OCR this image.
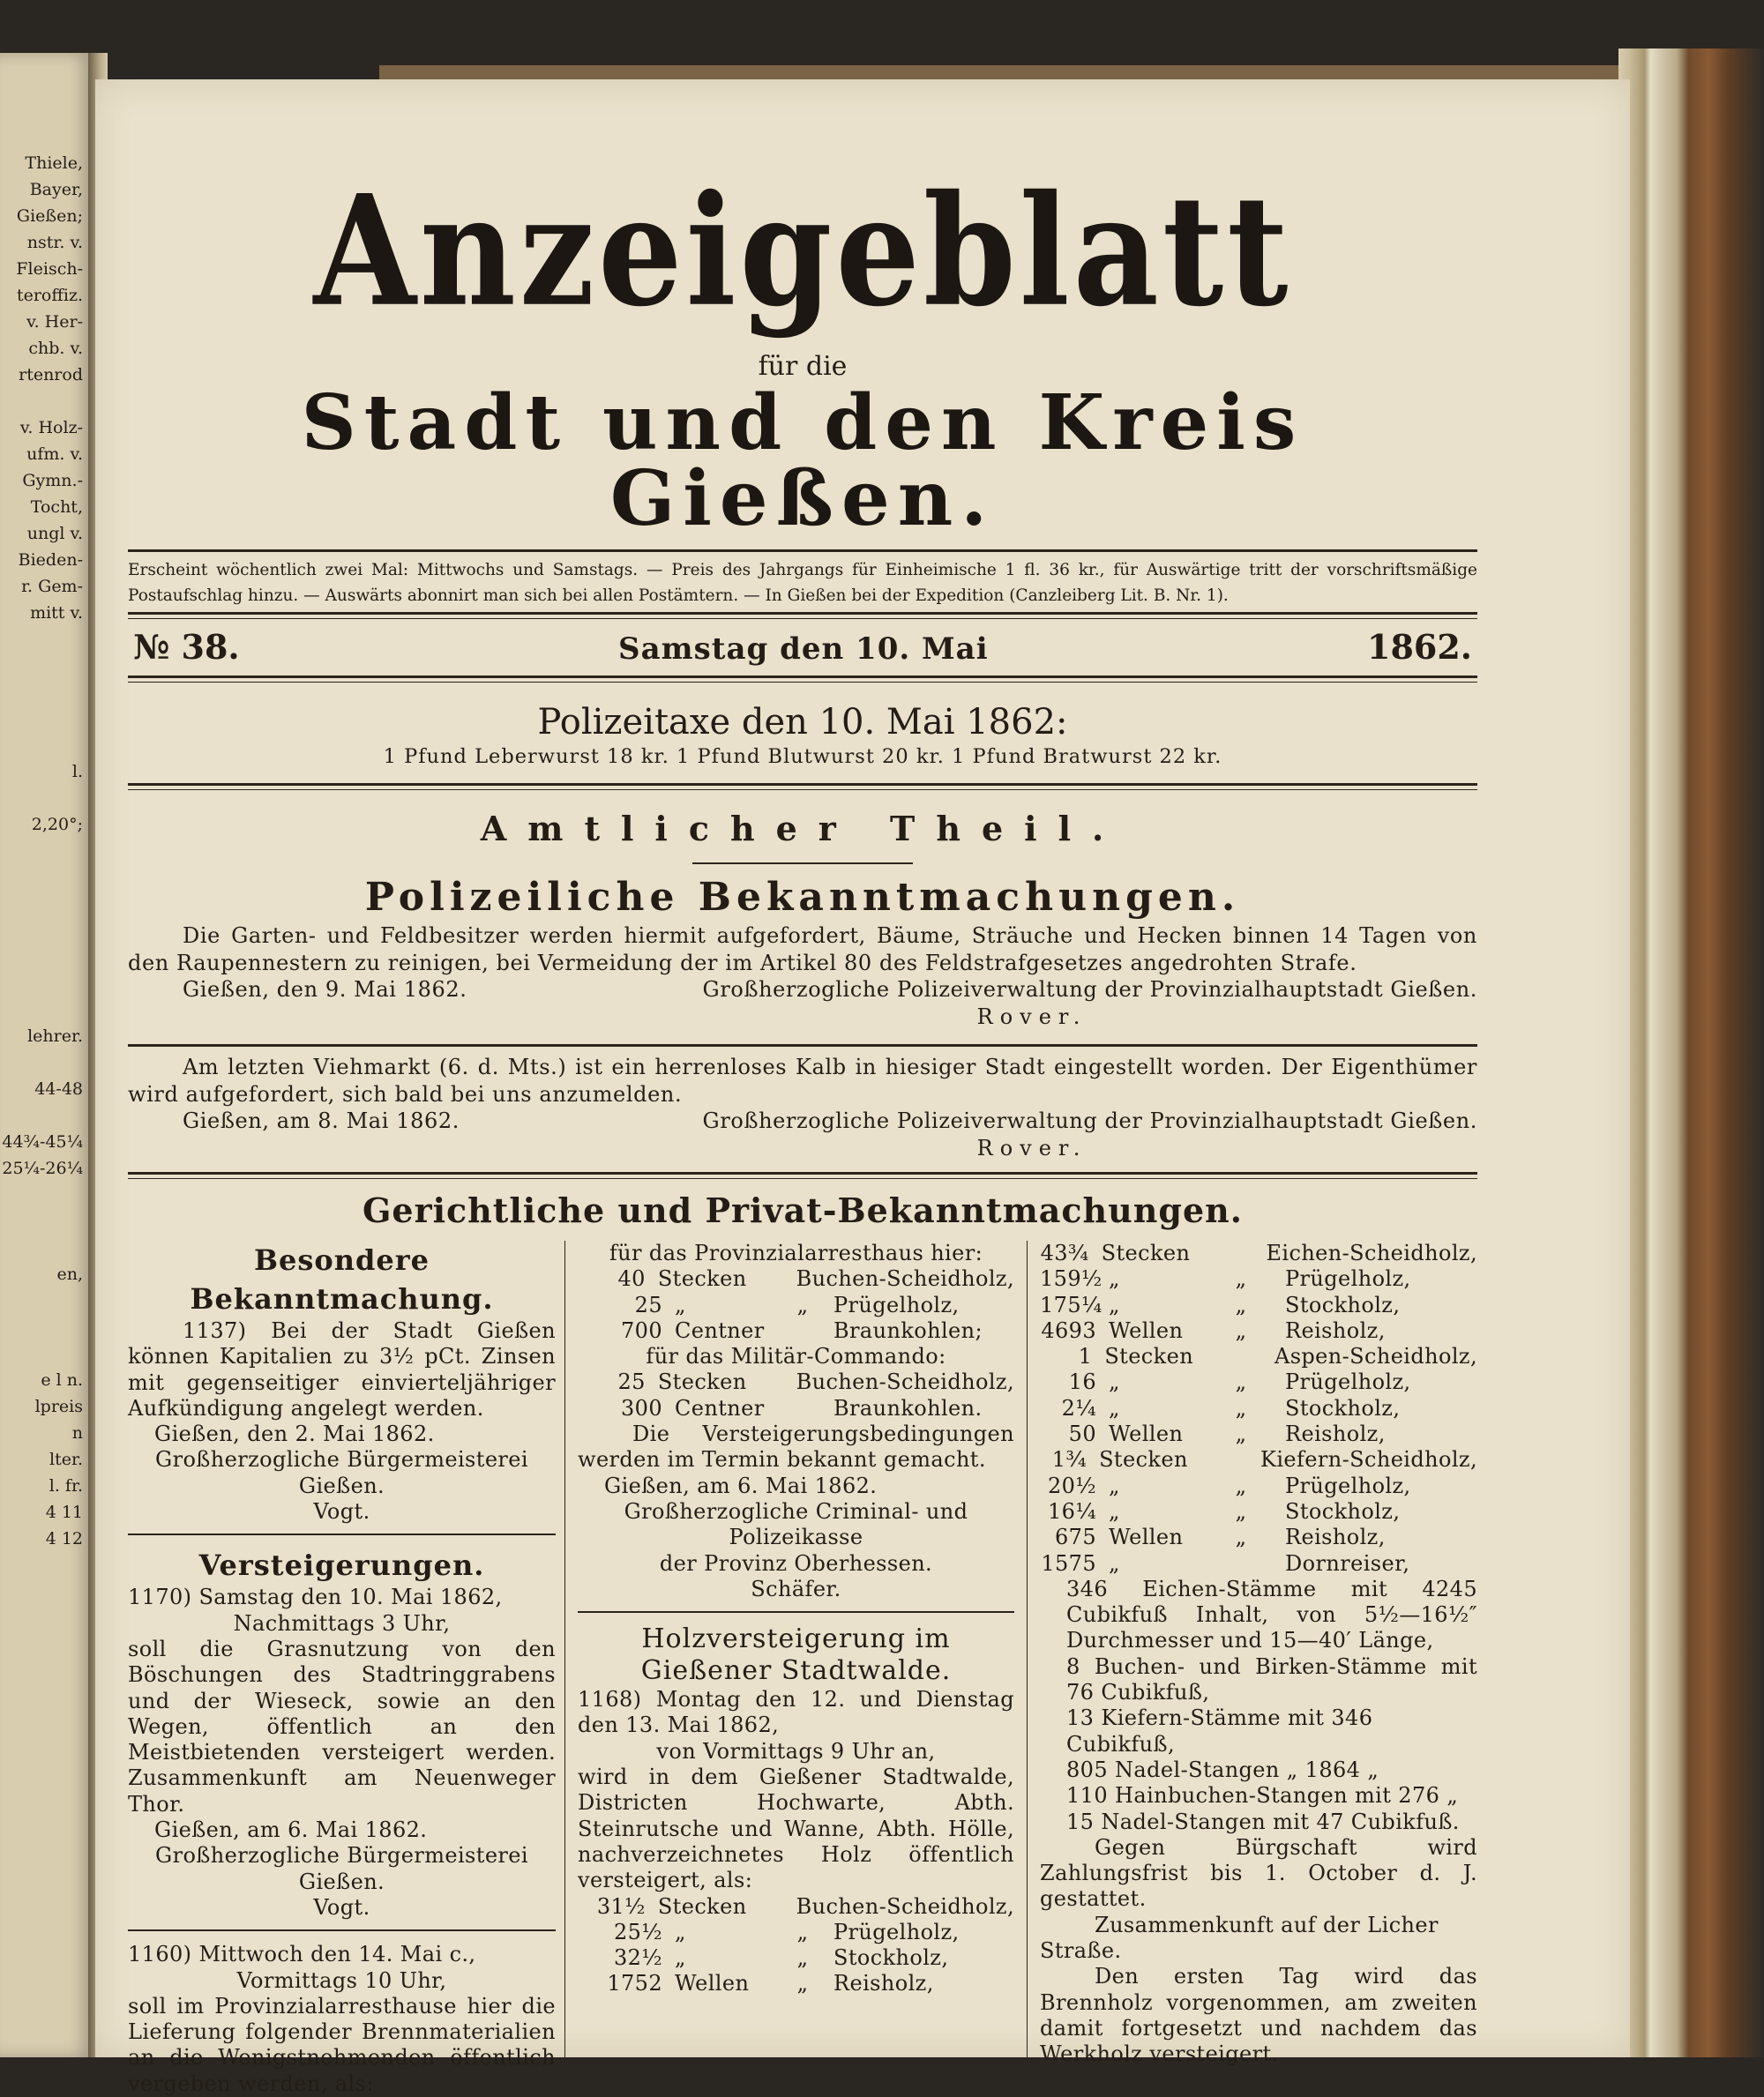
Thiele,
Bayer,
Gießen;
nstr. v.
Fleisch-
teroffiz.
v. Her-
chb. v.
rtenrod
v. Holz-
ufm. v.
Gymn.-
Tocht,
ungl v.
Bieden-
r. Gem-
mitt v.
l.
2,20°;
lehrer.
44-48
44¾-45¼
25¼-26¼
en,
e l n.
lpreis
n
lter.
l. fr.
4 11
4 12
Anzeigeblatt
für die
Stadt und den Kreis Gießen.
Erscheint wöchentlich zwei Mal: Mittwochs und Samstags. — Preis des Jahrgangs für Einheimische 1 fl. 36 kr., für Auswärtige tritt der vorschriftsmäßige Postaufschlag hinzu. — Auswärts abonnirt man sich bei allen Postämtern. — In Gießen bei der Expedition (Canzleiberg Lit. B. Nr. 1).
№ 38.	Samstag den 10. Mai	1862.
Polizeitaxe den 10. Mai 1862:
1 Pfund Leberwurst 18 kr. 1 Pfund Blutwurst 20 kr. 1 Pfund Bratwurst 22 kr.
Amtlicher Theil.
Polizeiliche Bekanntmachungen.
Die Garten- und Feldbesitzer werden hiermit aufgefordert, Bäume, Sträuche und Hecken binnen 14 Tagen von den Raupennestern zu reinigen, bei Vermeidung der im Artikel 80 des Feldstrafgesetzes angedrohten Strafe.
Gießen, den 9. Mai 1862.	Großherzogliche Polizeiverwaltung der Provinzialhauptstadt Gießen.
Rover.
Am letzten Viehmarkt (6. d. Mts.) ist ein herrenloses Kalb in hiesiger Stadt eingestellt worden. Der Eigenthümer wird aufgefordert, sich bald bei uns anzumelden.
Gießen, am 8. Mai 1862.	Großherzogliche Polizeiverwaltung der Provinzialhauptstadt Gießen.
Rover.
Gerichtliche und Privat-Bekanntmachungen.
Besondere Bekanntmachung.
1137) Bei der Stadt Gießen können Kapitalien zu 3½ pCt. Zinsen mit gegenseitiger einvierteljähriger Aufkündigung angelegt werden.
Gießen, den 2. Mai 1862.
Großherzogliche Bürgermeisterei Gießen.
Vogt.
Versteigerungen.
1170) Samstag den 10. Mai 1862,
Nachmittags 3 Uhr,
soll die Grasnutzung von den Böschungen des Stadtringgrabens und der Wieseck, sowie an den Wegen, öffentlich an den Meistbietenden versteigert werden. Zusammenkunft am Neuenweger Thor.
Gießen, am 6. Mai 1862.
Großherzogliche Bürgermeisterei Gießen.
Vogt.
1160) Mittwoch den 14. Mai c.,
Vormittags 10 Uhr,
soll im Provinzialarresthause hier die Lieferung folgender Brennmaterialien an die Wenigstnehmenden öffentlich vergeben werden, als:
für das Provinzialarresthaus hier:
40 Stecken Buchen-Scheidholz,
25 „	„	Prügelholz,
700 Centner	Braunkohlen;
für das Militär-Commando:
25 Stecken Buchen-Scheidholz,
300 Centner	Braunkohlen.
Die Versteigerungsbedingungen werden im Termin bekannt gemacht.
Gießen, am 6. Mai 1862.
Großherzogliche Criminal- und Polizeikasse
der Provinz Oberhessen.
Schäfer.
Holzversteigerung im Gießener Stadtwalde.
1168) Montag den 12. und Dienstag den 13. Mai 1862,
von Vormittags 9 Uhr an,
wird in dem Gießener Stadtwalde, Districten Hochwarte, Abth. Steinrutsche und Wanne, Abth. Hölle, nachverzeichnetes Holz öffentlich versteigert, als:
31½ Stecken Buchen-Scheidholz,
25½ „	„	Prügelholz,
32½ „	„	Stockholz,
1752 Wellen	„	Reisholz,
43¾ Stecken	Eichen-Scheidholz,
159½ „	„	Prügelholz,
175¼ „	„	Stockholz,
4693 Wellen	„	Reisholz,
1 Stecken	Aspen-Scheidholz,
16 „	„	Prügelholz,
2¼ „	„	Stockholz,
50 Wellen	„	Reisholz,
1¾ Stecken	Kiefern-Scheidholz,
20½ „	„	Prügelholz,
16¼ „	„	Stockholz,
675 Wellen	„	Reisholz,
1575 „	Dornreiser,
346 Eichen-Stämme mit 4245 Cubikfuß Inhalt, von 5½—16½″ Durchmesser und 15—40′ Länge,
8 Buchen- und Birken-Stämme mit 76 Cubikfuß,
13 Kiefern-Stämme mit 346 Cubikfuß,
805 Nadel-Stangen „ 1864 „
110 Hainbuchen-Stangen mit 276 „
15 Nadel-Stangen mit 47 Cubikfuß.
Gegen Bürgschaft wird Zahlungsfrist bis 1. October d. J. gestattet.
Zusammenkunft auf der Licher Straße.
Den ersten Tag wird das Brennholz vorgenommen, am zweiten damit fortgesetzt und nachdem das Werkholz versteigert.
